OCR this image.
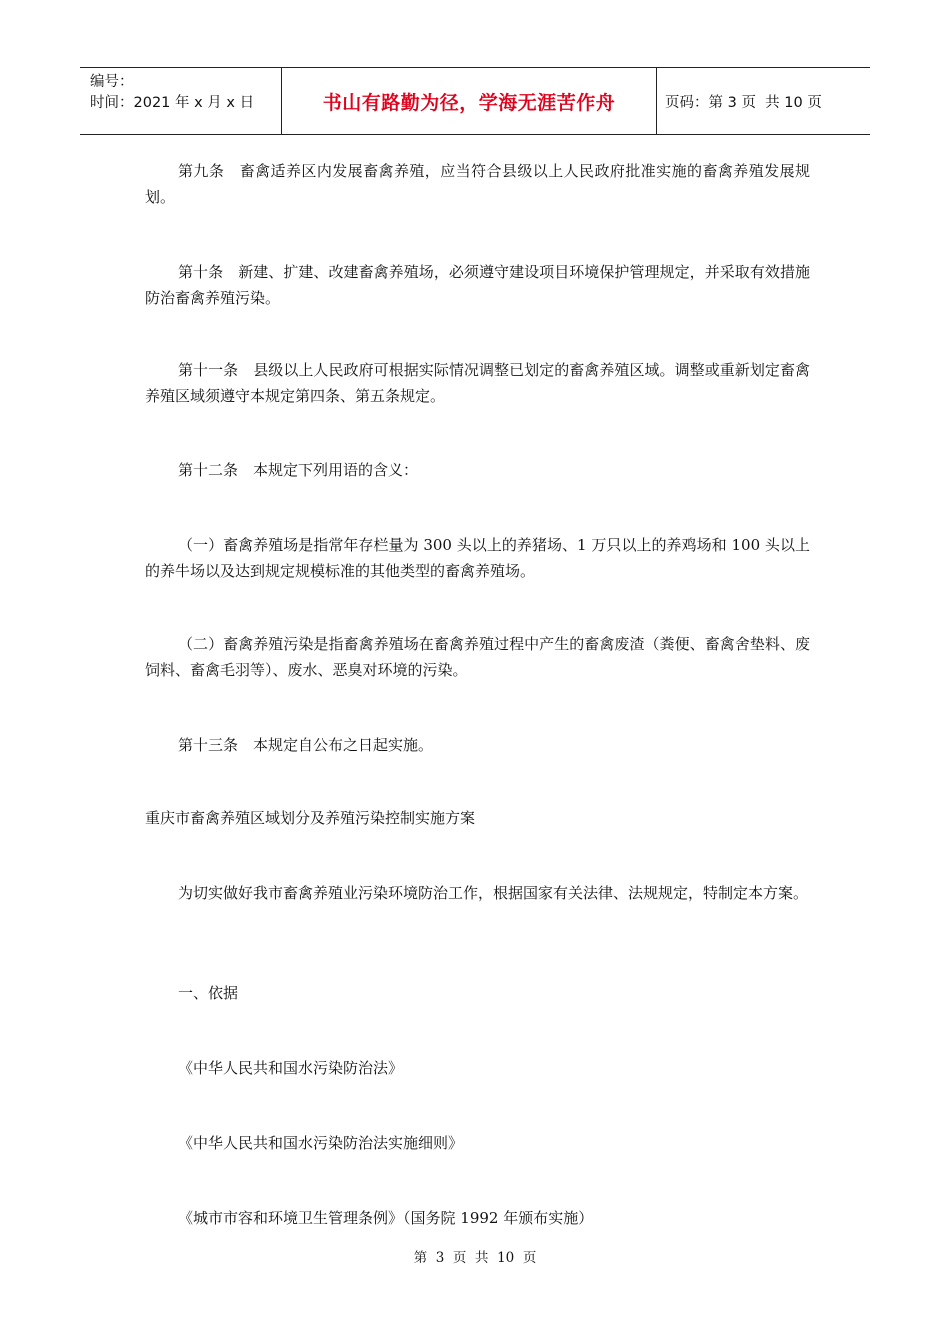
编号：
时间：2021 年 x 月 x 日	书山有路勤为径，学海无涯苦作舟	页码：第 3 页  共 10 页

第九条　畜禽适养区内发展畜禽养殖，应当符合县级以上人民政府批准实施的畜禽养殖发展规划。

第十条　新建、扩建、改建畜禽养殖场，必须遵守建设项目环境保护管理规定，并采取有效措施防治畜禽养殖污染。

第十一条　县级以上人民政府可根据实际情况调整已划定的畜禽养殖区域。调整或重新划定畜禽养殖区域须遵守本规定第四条、第五条规定。

第十二条　本规定下列用语的含义：

（一）畜禽养殖场是指常年存栏量为 300 头以上的养猪场、1 万只以上的养鸡场和 100 头以上的养牛场以及达到规定规模标准的其他类型的畜禽养殖场。

（二）畜禽养殖污染是指畜禽养殖场在畜禽养殖过程中产生的畜禽废渣（粪便、畜禽舍垫料、废饲料、畜禽毛羽等）、废水、恶臭对环境的污染。

第十三条　本规定自公布之日起实施。

重庆市畜禽养殖区域划分及养殖污染控制实施方案

为切实做好我市畜禽养殖业污染环境防治工作，根据国家有关法律、法规规定，特制定本方案。

一、依据

《中华人民共和国水污染防治法》

《中华人民共和国水污染防治法实施细则》

《城市市容和环境卫生管理条例》（国务院 1992 年颁布实施）

第  3  页  共  10  页
